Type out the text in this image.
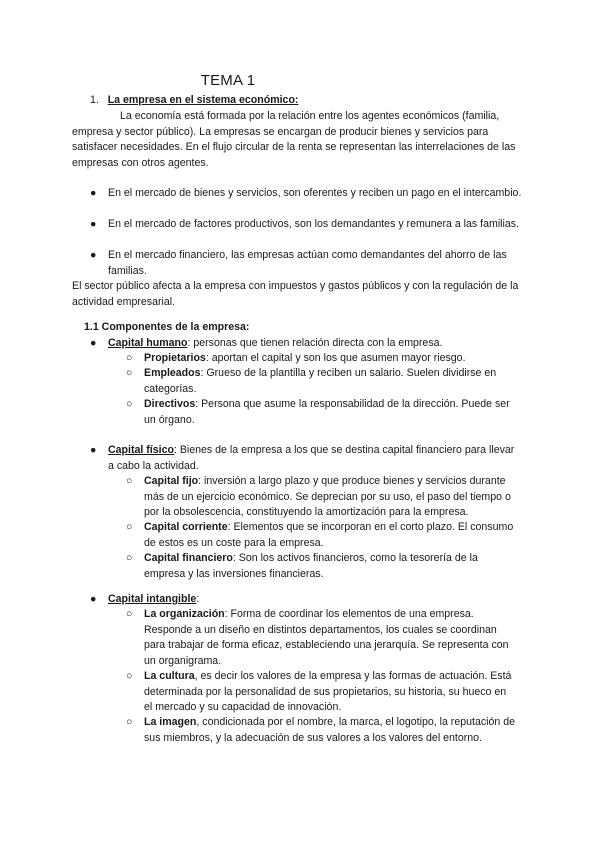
TEMA 1
1. La empresa en el sistema económico:

La economía está formada por la relación entre los agentes económicos (familia, empresa y sector público). La empresas se encargan de producir bienes y servicios para satisfacer necesidades. En el flujo circular de la renta se representan las interrelaciones de las empresas con otros agentes.

● En el mercado de bienes y servicios, son oferentes y reciben un pago en el intercambio.
● En el mercado de factores productivos, son los demandantes y remunera a las familias.
● En el mercado financiero, las empresas actúan como demandantes del ahorro de las familias.

El sector público afecta a la empresa con impuestos y gastos públicos y con la regulación de la actividad empresarial.

1.1 Componentes de la empresa:
● Capital humano: personas que tienen relación directa con la empresa.
○ Propietarios: aportan el capital y son los que asumen mayor riesgo.
○ Empleados: Grueso de la plantilla y reciben un salario. Suelen dividirse en categorías.
○ Directivos: Persona que asume la responsabilidad de la dirección. Puede ser un órgano.
● Capital físico: Bienes de la empresa a los que se destina capital financiero para llevar a cabo la actividad.
○ Capital fijo: inversión a largo plazo y que produce bienes y servicios durante más de un ejercicio económico. Se deprecian por su uso, el paso del tiempo o por la obsolescencia, constituyendo la amortización para la empresa.
○ Capital corriente: Elementos que se incorporan en el corto plazo. El consumo de estos es un coste para la empresa.
○ Capital financiero: Son los activos financieros, como la tesorería de la empresa y las inversiones financieras.
● Capital intangible:
○ La organización: Forma de coordinar los elementos de una empresa. Responde a un diseño en distintos departamentos, los cuales se coordinan para trabajar de forma eficaz, estableciendo una jerarquía. Se representa con un organigrama.
○ La cultura, es decir los valores de la empresa y las formas de actuación. Está determinada por la personalidad de sus propietarios, su historia, su hueco en el mercado y su capacidad de innovación.
○ La imagen, condicionada por el nombre, la marca, el logotipo, la reputación de sus miembros, y la adecuación de sus valores a los valores del entorno.
